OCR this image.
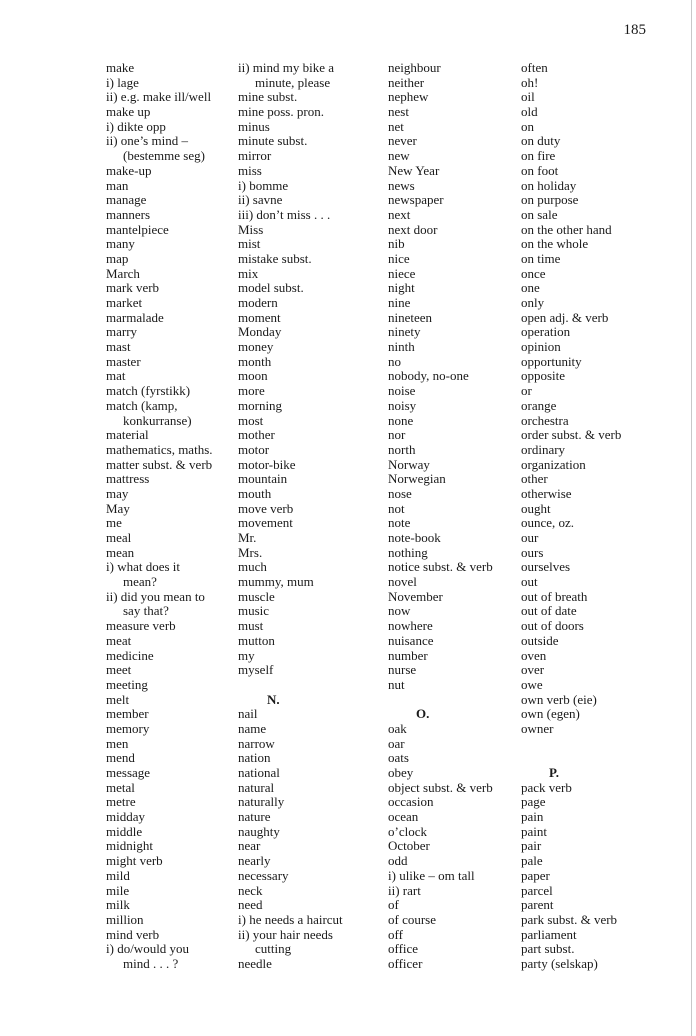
185
make
i) lage
ii) e.g. make ill/well
make up
i) dikte opp
ii) one’s mind –
(bestemme seg)
make-up
man
manage
manners
mantelpiece
many
map
March
mark verb
market
marmalade
marry
mast
master
mat
match (fyrstikk)
match (kamp,
konkurranse)
material
mathematics, maths.
matter subst. & verb
mattress
may
May
me
meal
mean
i) what does it
mean?
ii) did you mean to
say that?
measure verb
meat
medicine
meet
meeting
melt
member
memory
men
mend
message
metal
metre
midday
middle
midnight
might verb
mild
mile
milk
million
mind verb
i) do/would you
mind . . . ?
ii) mind my bike a
minute, please
mine subst.
mine poss. pron.
minus
minute subst.
mirror
miss
i) bomme
ii) savne
iii) don’t miss . . .
Miss
mist
mistake subst.
mix
model subst.
modern
moment
Monday
money
month
moon
more
morning
most
mother
motor
motor-bike
mountain
mouth
move verb
movement
Mr.
Mrs.
much
mummy, mum
muscle
music
must
mutton
my
myself
N.
nail
name
narrow
nation
national
natural
naturally
nature
naughty
near
nearly
necessary
neck
need
i) he needs a haircut
ii) your hair needs
cutting
needle
neighbour
neither
nephew
nest
net
never
new
New Year
news
newspaper
next
next door
nib
nice
niece
night
nine
nineteen
ninety
ninth
no
nobody, no-one
noise
noisy
none
nor
north
Norway
Norwegian
nose
not
note
note-book
nothing
notice subst. & verb
novel
November
now
nowhere
nuisance
number
nurse
nut
O.
oak
oar
oats
obey
object subst. & verb
occasion
ocean
o’clock
October
odd
i) ulike – om tall
ii) rart
of
of course
off
office
officer
often
oh!
oil
old
on
on duty
on fire
on foot
on holiday
on purpose
on sale
on the other hand
on the whole
on time
once
one
only
open adj. & verb
operation
opinion
opportunity
opposite
or
orange
orchestra
order subst. & verb
ordinary
organization
other
otherwise
ought
ounce, oz.
our
ours
ourselves
out
out of breath
out of date
out of doors
outside
oven
over
owe
own verb (eie)
own (egen)
owner
P.
pack verb
page
pain
paint
pair
pale
paper
parcel
parent
park subst. & verb
parliament
part subst.
party (selskap)
